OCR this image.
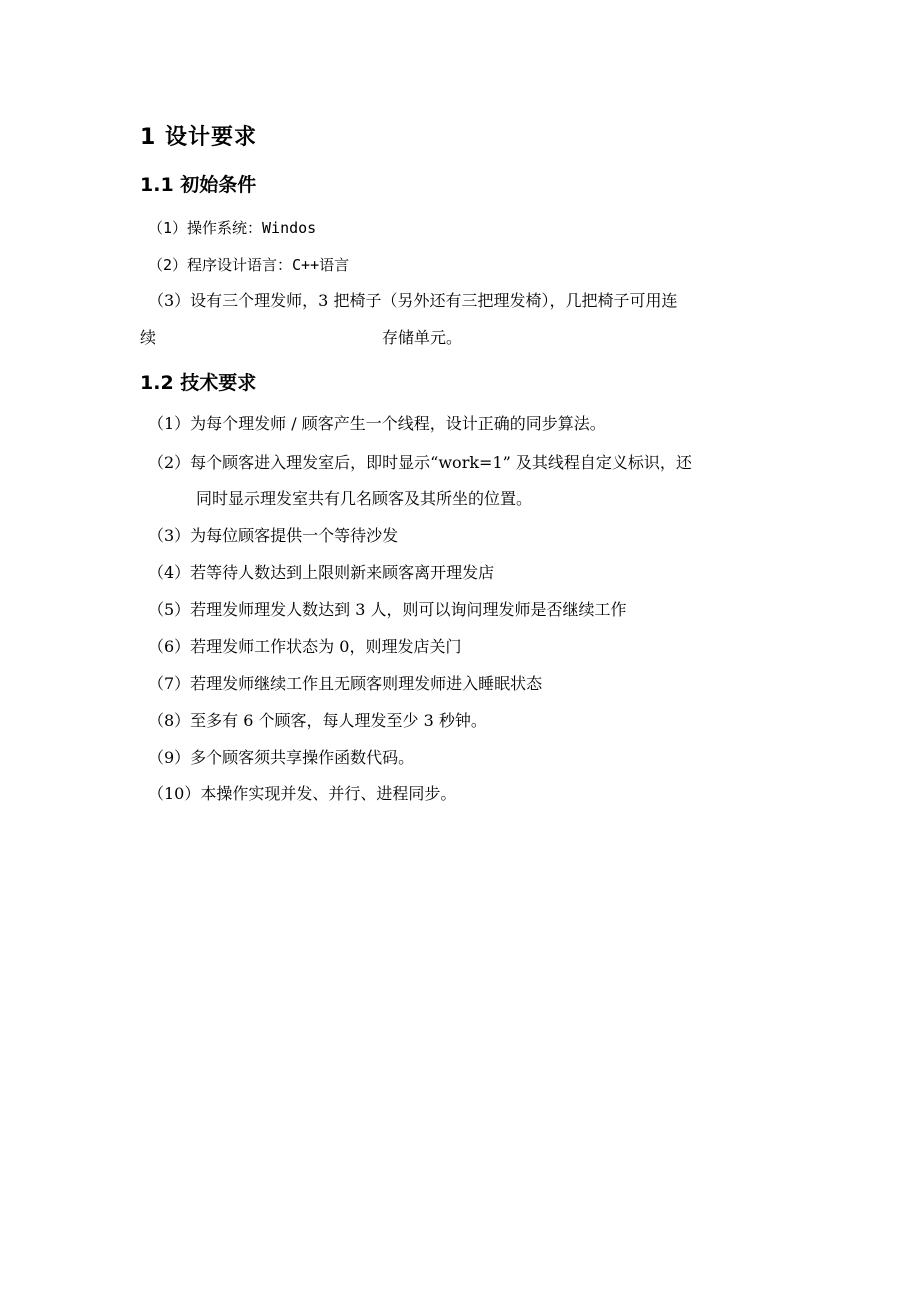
1 设计要求
1.1 初始条件
（1）操作系统：Windos
（2）程序设计语言：C++语言
（3）设有三个理发师，3 把椅子（另外还有三把理发椅），几把椅子可用连
续	存储单元。
1.2 技术要求
（1）为每个理发师 / 顾客产生一个线程，设计正确的同步算法。
（2）每个顾客进入理发室后，即时显示“work=1” 及其线程自定义标识，还
同时显示理发室共有几名顾客及其所坐的位置。
（3）为每位顾客提供一个等待沙发
（4）若等待人数达到上限则新来顾客离开理发店
（5）若理发师理发人数达到 3 人，则可以询问理发师是否继续工作
（6）若理发师工作状态为 0，则理发店关门
（7）若理发师继续工作且无顾客则理发师进入睡眠状态
（8）至多有 6 个顾客，每人理发至少 3 秒钟。
（9）多个顾客须共享操作函数代码。
（10）本操作实现并发、并行、进程同步。
